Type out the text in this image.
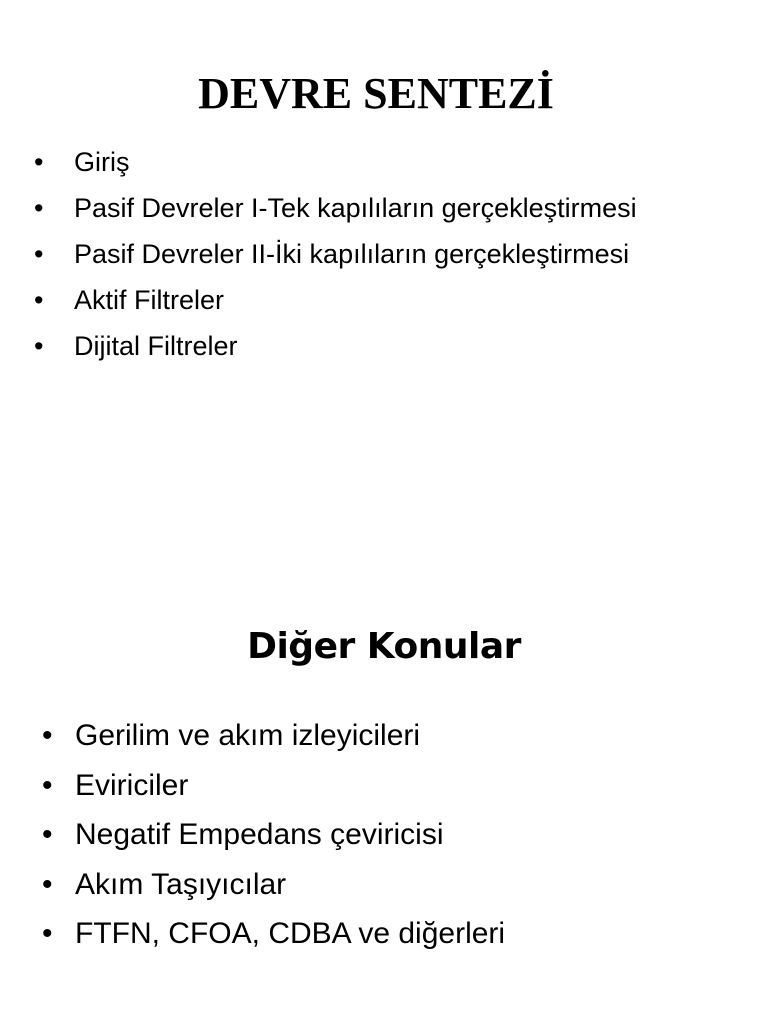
DEVRE SENTEZİ
• Giriş
• Pasif Devreler I-Tek kapılıların gerçekleştirmesi
• Pasif Devreler II-İki kapılıların gerçekleştirmesi
• Aktif Filtreler
• Dijital Filtreler
Diğer Konular
• Gerilim ve akım izleyicileri
• Eviriciler
• Negatif Empedans çeviricisi
• Akım Taşıyıcılar
• FTFN, CFOA, CDBA ve diğerleri
